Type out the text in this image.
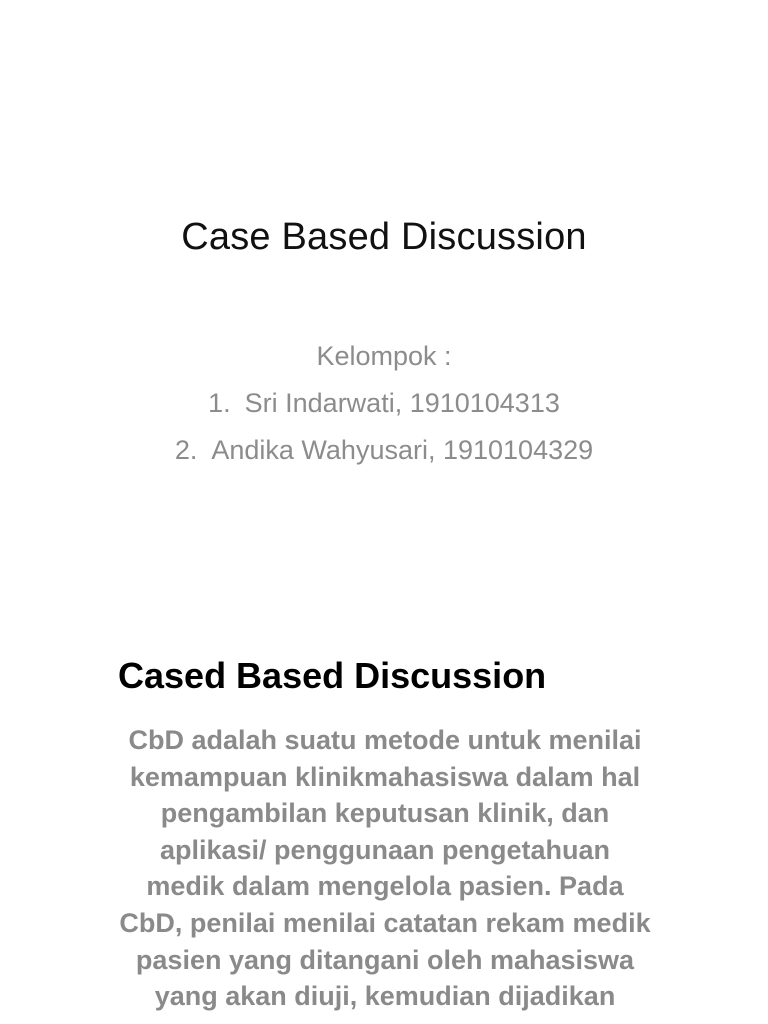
Case Based Discussion
Kelompok :
1. Sri Indarwati, 1910104313
2. Andika Wahyusari, 1910104329
Cased Based Discussion
CbD adalah suatu metode untuk menilai
kemampuan klinikmahasiswa dalam hal
pengambilan keputusan klinik, dan
aplikasi/ penggunaan pengetahuan
medik dalam mengelola pasien. Pada
CbD, penilai menilai catatan rekam medik
pasien yang ditangani oleh mahasiswa
yang akan diuji, kemudian dijadikan
